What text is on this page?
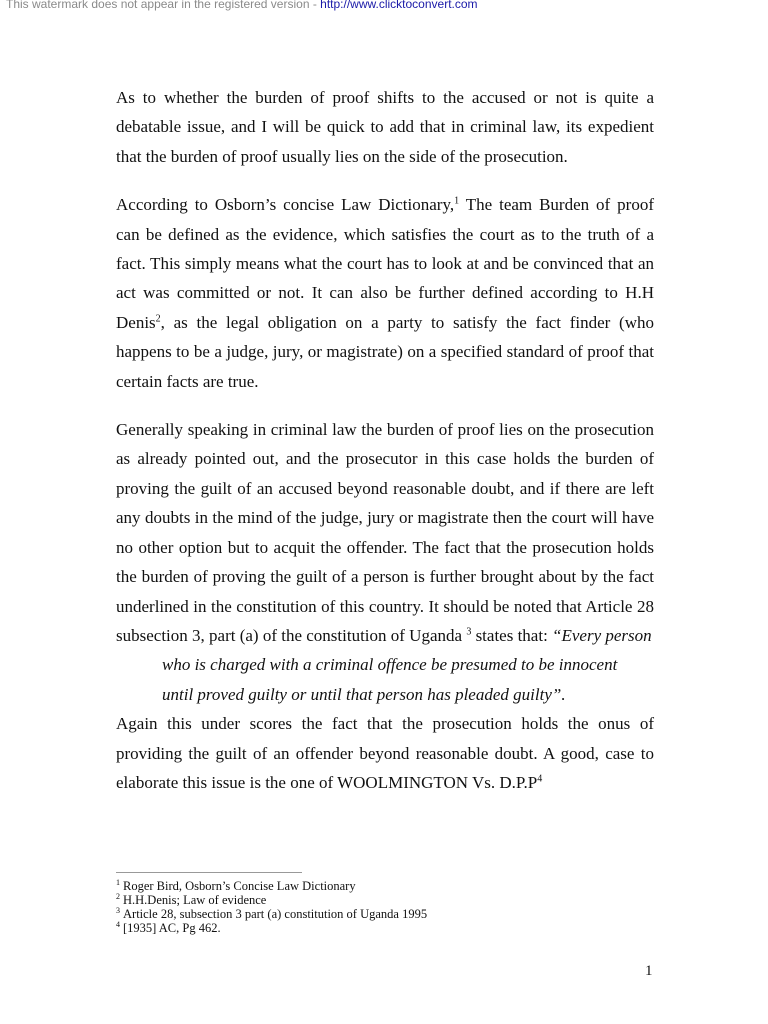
This watermark does not appear in the registered version - http://www.clicktoconvert.com

As to whether the burden of proof shifts to the accused or not is quite a debatable issue, and I will be quick to add that in criminal law, its expedient that the burden of proof usually lies on the side of the prosecution.

According to Osborn’s concise Law Dictionary,$^1$ The team Burden of proof can be defined as the evidence, which satisfies the court as to the truth of a fact. This simply means what the court has to look at and be convinced that an act was committed or not. It can also be further defined according to H.H Denis$^2$, as the legal obligation on a party to satisfy the fact finder (who happens to be a judge, jury, or magistrate) on a specified standard of proof that certain facts are true.

Generally speaking in criminal law the burden of proof lies on the prosecution as already pointed out, and the prosecutor in this case holds the burden of proving the guilt of an accused beyond reasonable doubt, and if there are left any doubts in the mind of the judge, jury or magistrate then the court will have no other option but to acquit the offender. The fact that the prosecution holds the burden of proving the guilt of a person is further brought about by the fact underlined in the constitution of this country. It should be noted that Article 28 subsection 3, part (a) of the constitution of Uganda $^3$ states that: “Every person
who is charged with a criminal offence be presumed to be innocent
until proved guilty or until that person has pleaded guilty”.

Again this under scores the fact that the prosecution holds the onus of providing the guilt of an offender beyond reasonable doubt. A good, case to elaborate this issue is the one of WOOLMINGTON Vs. $D.P.P^4$

$^1$ Roger Bird, Osborn’s Concise Law Dictionary
$^2$ H.H.Denis; Law of evidence
$^3$ Article 28, subsection 3 part (a) constitution of Uganda 1995
$^4$ [1935] AC, Pg 462.
1
